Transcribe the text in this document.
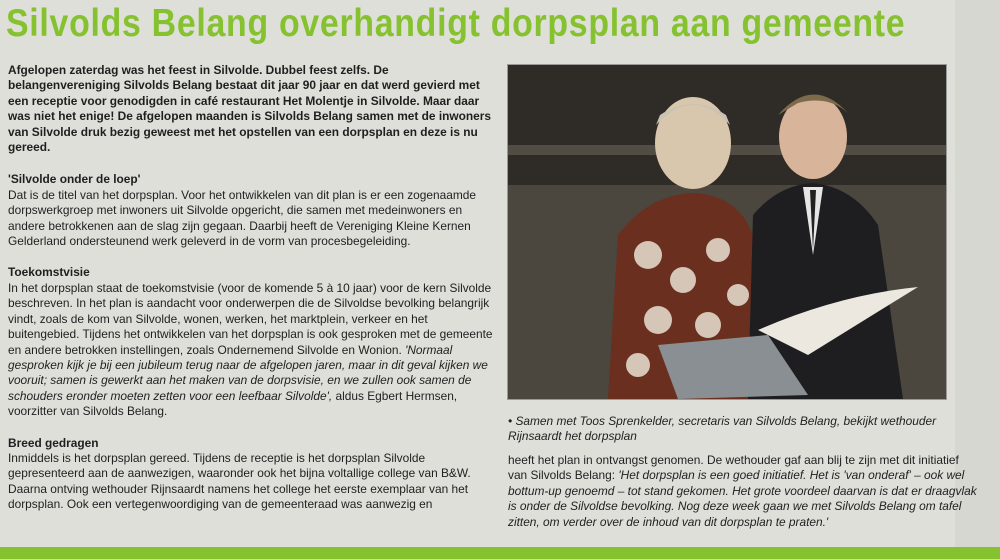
Silvolds Belang overhandigt dorpsplan aan gemeente

Afgelopen zaterdag was het feest in Silvolde. Dubbel feest zelfs. De belangenvereniging Silvolds Belang bestaat dit jaar 90 jaar en dat werd gevierd met een receptie voor genodigden in café restaurant Het Molentje in Silvolde. Maar daar was niet het enige! De afgelopen maanden is Silvolds Belang samen met de inwoners van Silvolde druk bezig geweest met het opstellen van een dorpsplan en deze is nu gereed.

'Silvolde onder de loep'

Dat is de titel van het dorpsplan. Voor het ontwikkelen van dit plan is er een zogenaamde dorpswerkgroep met inwoners uit Silvolde opgericht, die samen met medeinwoners en andere betrokkenen aan de slag zijn gegaan. Daarbij heeft de Vereniging Kleine Kernen Gelderland ondersteunend werk geleverd in de vorm van procesbegeleiding.

Toekomstvisie

In het dorpsplan staat de toekomstvisie (voor de komende 5 à 10 jaar) voor de kern Silvolde beschreven. In het plan is aandacht voor onderwerpen die de Silvoldse bevolking belangrijk vindt, zoals de kom van Silvolde, wonen, werken, het marktplein, verkeer en het buitengebied. Tijdens het ontwikkelen van het dorpsplan is ook gesproken met de gemeente en andere betrokken instellingen, zoals Ondernemend Silvolde en Wonion. 'Normaal gesproken kijk je bij een jubileum terug naar de afgelopen jaren, maar in dit geval kijken we vooruit; samen is gewerkt aan het maken van de dorpsvisie, en we zullen ook samen de schouders eronder moeten zetten voor een leefbaar Silvolde', aldus Egbert Hermsen, voorzitter van Silvolds Belang.

Breed gedragen

Inmiddels is het dorpsplan gereed. Tijdens de receptie is het dorpsplan Silvolde gepresenteerd aan de aanwezigen, waaronder ook het bijna voltallige college van B&W. Daarna ontving wethouder Rijnsaardt namens het college het eerste exemplaar van het dorpsplan. Ook een vertegenwoordiging van de gemeenteraad was aanwezig en

• Samen met Toos Sprenkelder, secretaris van Silvolds Belang, bekijkt wethouder Rijnsaardt het dorpsplan

heeft het plan in ontvangst genomen. De wethouder gaf aan blij te zijn met dit initiatief van Silvolds Belang: 'Het dorpsplan is een goed initiatief. Het is 'van onderaf' – ook wel bottum-up genoemd – tot stand gekomen. Het grote voordeel daarvan is dat er draagvlak is onder de Silvoldse bevolking. Nog deze week gaan we met Silvolds Belang om tafel zitten, om verder over de inhoud van dit dorpsplan te praten.'
